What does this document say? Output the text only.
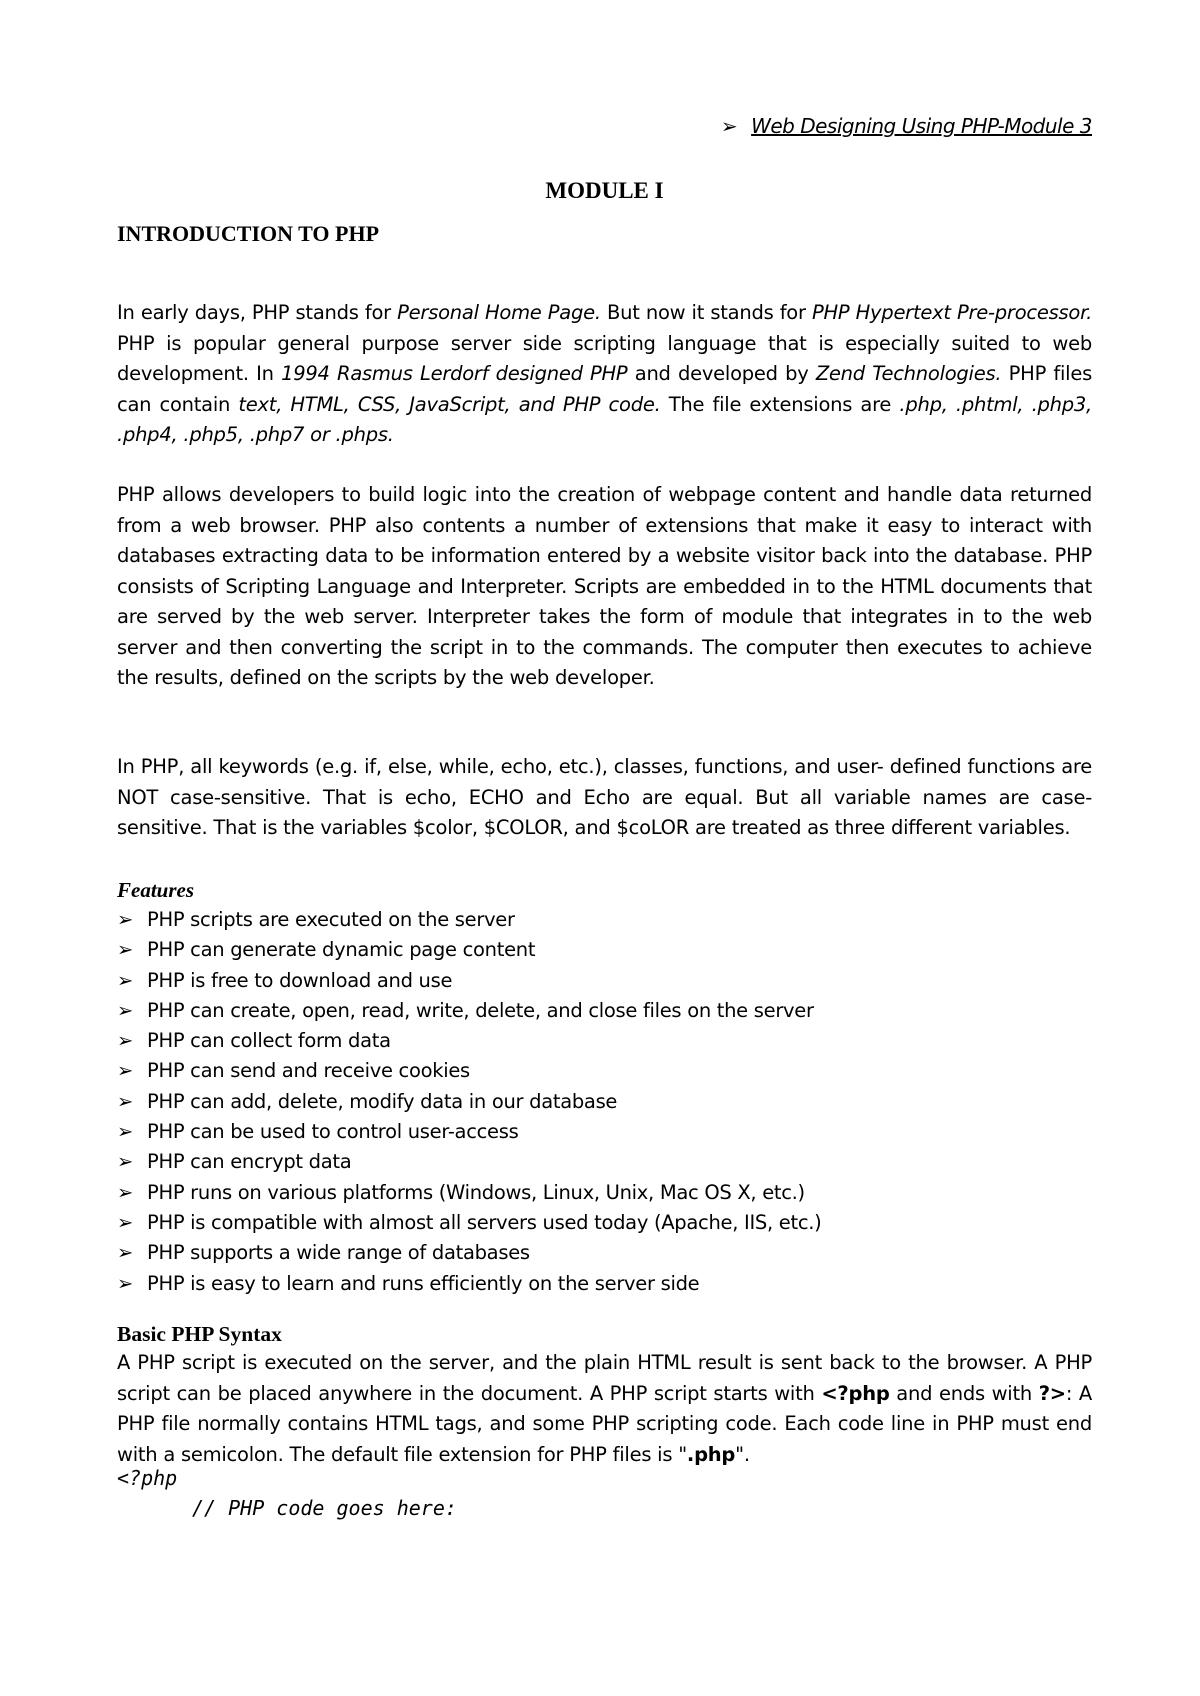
➢ Web Designing Using PHP-Module 3
MODULE I
INTRODUCTION TO PHP

In early days, PHP stands for Personal Home Page. But now it stands for PHP Hypertext Pre-processor. PHP is popular general purpose server side scripting language that is especially suited to web development. In 1994 Rasmus Lerdorf designed PHP and developed by Zend Technologies. PHP files can contain text, HTML, CSS, JavaScript, and PHP code. The file extensions are .php, .phtml, .php3, .php4, .php5, .php7 or .phps.

PHP allows developers to build logic into the creation of webpage content and handle data returned from a web browser. PHP also contents a number of extensions that make it easy to interact with databases extracting data to be information entered by a website visitor back into the database. PHP consists of Scripting Language and Interpreter. Scripts are embedded in to the HTML documents that are served by the web server. Interpreter takes the form of module that integrates in to the web server and then converting the script in to the commands. The computer then executes to achieve the results, defined on the scripts by the web developer.

In PHP, all keywords (e.g. if, else, while, echo, etc.), classes, functions, and user- defined functions are NOT case-sensitive. That is echo, ECHO and Echo are equal. But all variable names are case-sensitive. That is the variables $color, $COLOR, and $coLOR are treated as three different variables.

Features
➢ PHP scripts are executed on the server
➢ PHP can generate dynamic page content
➢ PHP is free to download and use
➢ PHP can create, open, read, write, delete, and close files on the server
➢ PHP can collect form data
➢ PHP can send and receive cookies
➢ PHP can add, delete, modify data in our database
➢ PHP can be used to control user-access
➢ PHP can encrypt data
➢ PHP runs on various platforms (Windows, Linux, Unix, Mac OS X, etc.)
➢ PHP is compatible with almost all servers used today (Apache, IIS, etc.)
➢ PHP supports a wide range of databases
➢ PHP is easy to learn and runs efficiently on the server side
Basic PHP Syntax

A PHP script is executed on the server, and the plain HTML result is sent back to the browser. A PHP script can be placed anywhere in the document. A PHP script starts with <?php and ends with ?>: A PHP file normally contains HTML tags, and some PHP scripting code. Each code line in PHP must end with a semicolon. The default file extension for PHP files is ".php".

<?php
// PHP code goes here:
